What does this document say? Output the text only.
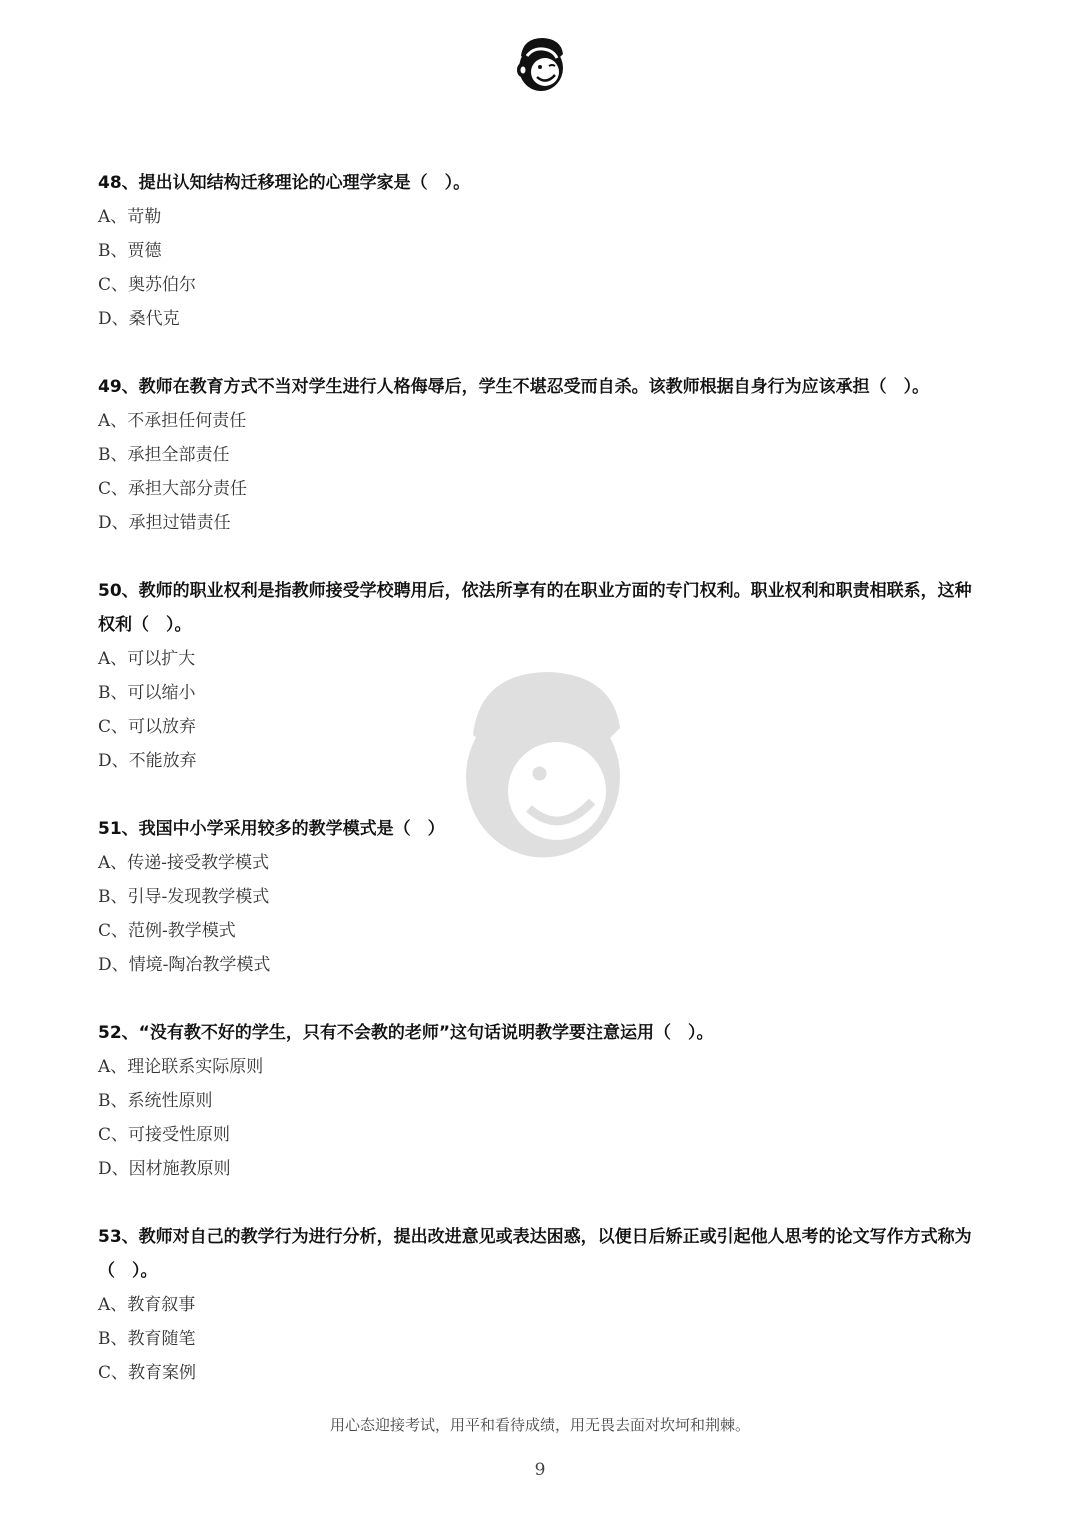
48、提出认知结构迁移理论的心理学家是（　）。

A、苛勒

B、贾德

C、奥苏伯尔

D、桑代克

49、教师在教育方式不当对学生进行人格侮辱后，学生不堪忍受而自杀。该教师根据自身行为应该承担（　）。

A、不承担任何责任

B、承担全部责任

C、承担大部分责任

D、承担过错责任

50、教师的职业权利是指教师接受学校聘用后，依法所享有的在职业方面的专门权利。职业权利和职责相联系，这种权利（　）。

A、可以扩大

B、可以缩小

C、可以放弃

D、不能放弃

51、我国中小学采用较多的教学模式是（　）

A、传递-接受教学模式

B、引导-发现教学模式

C、范例-教学模式

D、情境-陶冶教学模式

52、“没有教不好的学生，只有不会教的老师”这句话说明教学要注意运用（　）。

A、理论联系实际原则

B、系统性原则

C、可接受性原则

D、因材施教原则

53、教师对自己的教学行为进行分析，提出改进意见或表达困惑，以便日后矫正或引起他人思考的论文写作方式称为（　）。

A、教育叙事

B、教育随笔

C、教育案例

用心态迎接考试，用平和看待成绩，用无畏去面对坎坷和荆棘。
9
